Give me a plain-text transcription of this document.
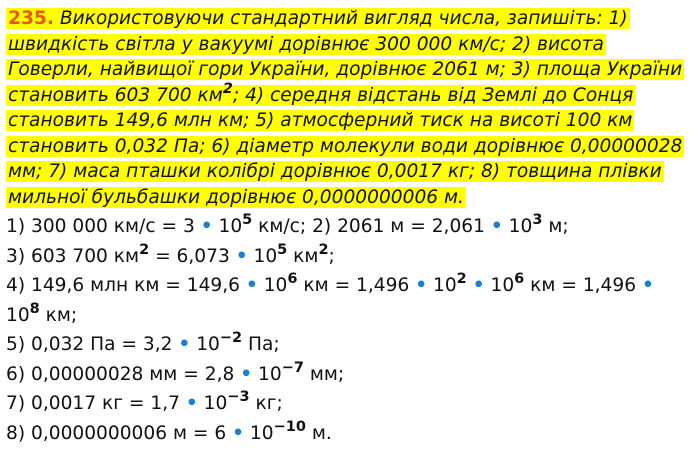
235. Використовуючи стандартний вигляд числа, запишіть: 1) швидкість світла у вакуумі дорівнює 300 000 км/с; 2) висота Говерли, найвищої гори України, дорівнює 2061 м; 3) площа України становить 603 700 $км^2$; 4) середня відстань від Землі до Сонця становить 149,6 млн км; 5) атмосферний тиск на висоті 100 км становить 0,032 Па; 6) діаметр молекули води дорівнює 0,00000028 мм; 7) маса пташки колібрі дорівнює 0,0017 кг; 8) товщина плівки мильної бульбашки дорівнює 0,0000000006 м.

1) 300 000 км/с = 3 • $10^5$ км/с; 2) 2061 м = 2,061 • $10^3$ м;

3) 603 700 $км^2 = 6,073$ • $10^5$ $км^2$;

4) 149,6 млн км = 149,6 • $10^6$ км = 1,496 • $10^2$ • $10^6$ км = 1,496 •
$10^8$ км;

5) 0,032 Па = 3,2 • $10^{-2}$ Па;

6) 0,00000028 мм = 2,8 • $10^{-7}$ мм;

7) 0,0017 кг = 1,7 • $10^{-3}$ кг;

8) 0,0000000006 м = 6 • $10^{-10}$ м.
